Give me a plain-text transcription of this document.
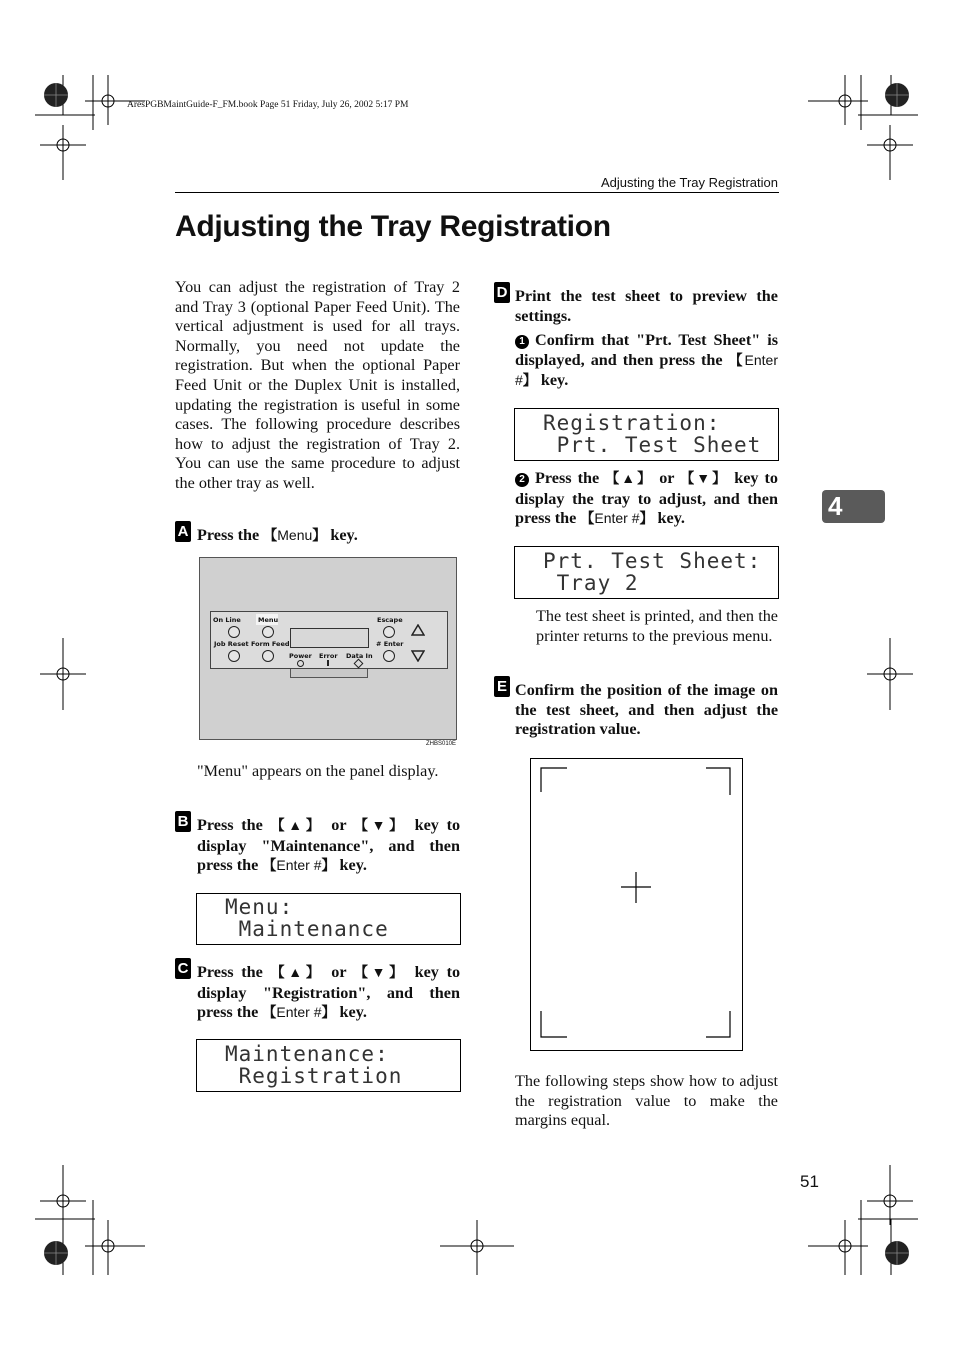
AresPGBMaintGuide-F_FM.book Page 51 Friday, July 26, 2002 5:17 PM
Adjusting the Tray Registration
Adjusting the Tray Registration
4
51
You can adjust the registration of Tray 2 and Tray 3 (optional Paper Feed Unit). The vertical adjustment is used for all trays. Normally, you need not update the registration. But when the optional Paper Feed Unit or the Duplex Unit is installed, updating the registration is useful in some cases. The following procedure describes how to adjust the registration of Tray 2. You can use the same procedure to adjust the other tray as well.
A Press the 【Menu】 key.
On Line	Menu	Escape
Job Reset Form Feed	# Enter
Power Error Data In
ZHBS010E
"Menu" appears on the panel display.
B Press the 【▲】 or 【▼】 key to display "Maintenance", and then press the 【Enter #】 key.
Menu:
Maintenance
C Press the 【▲】 or 【▼】 key to display "Registration", and then press the 【Enter #】 key.
Maintenance:
Registration
D Print the test sheet to preview the settings.
1 Confirm that "Prt. Test Sheet" is displayed, and then press the 【Enter #】 key.
Registration:
Prt. Test Sheet
2 Press the 【▲】 or 【▼】 key to display the tray to adjust, and then press the 【Enter #】 key.
Prt. Test Sheet:
Tray 2
The test sheet is printed, and then the printer returns to the previous menu.
E Confirm the position of the image on the test sheet, and then adjust the registration value.
The following steps show how to adjust the registration value to make the margins equal.
